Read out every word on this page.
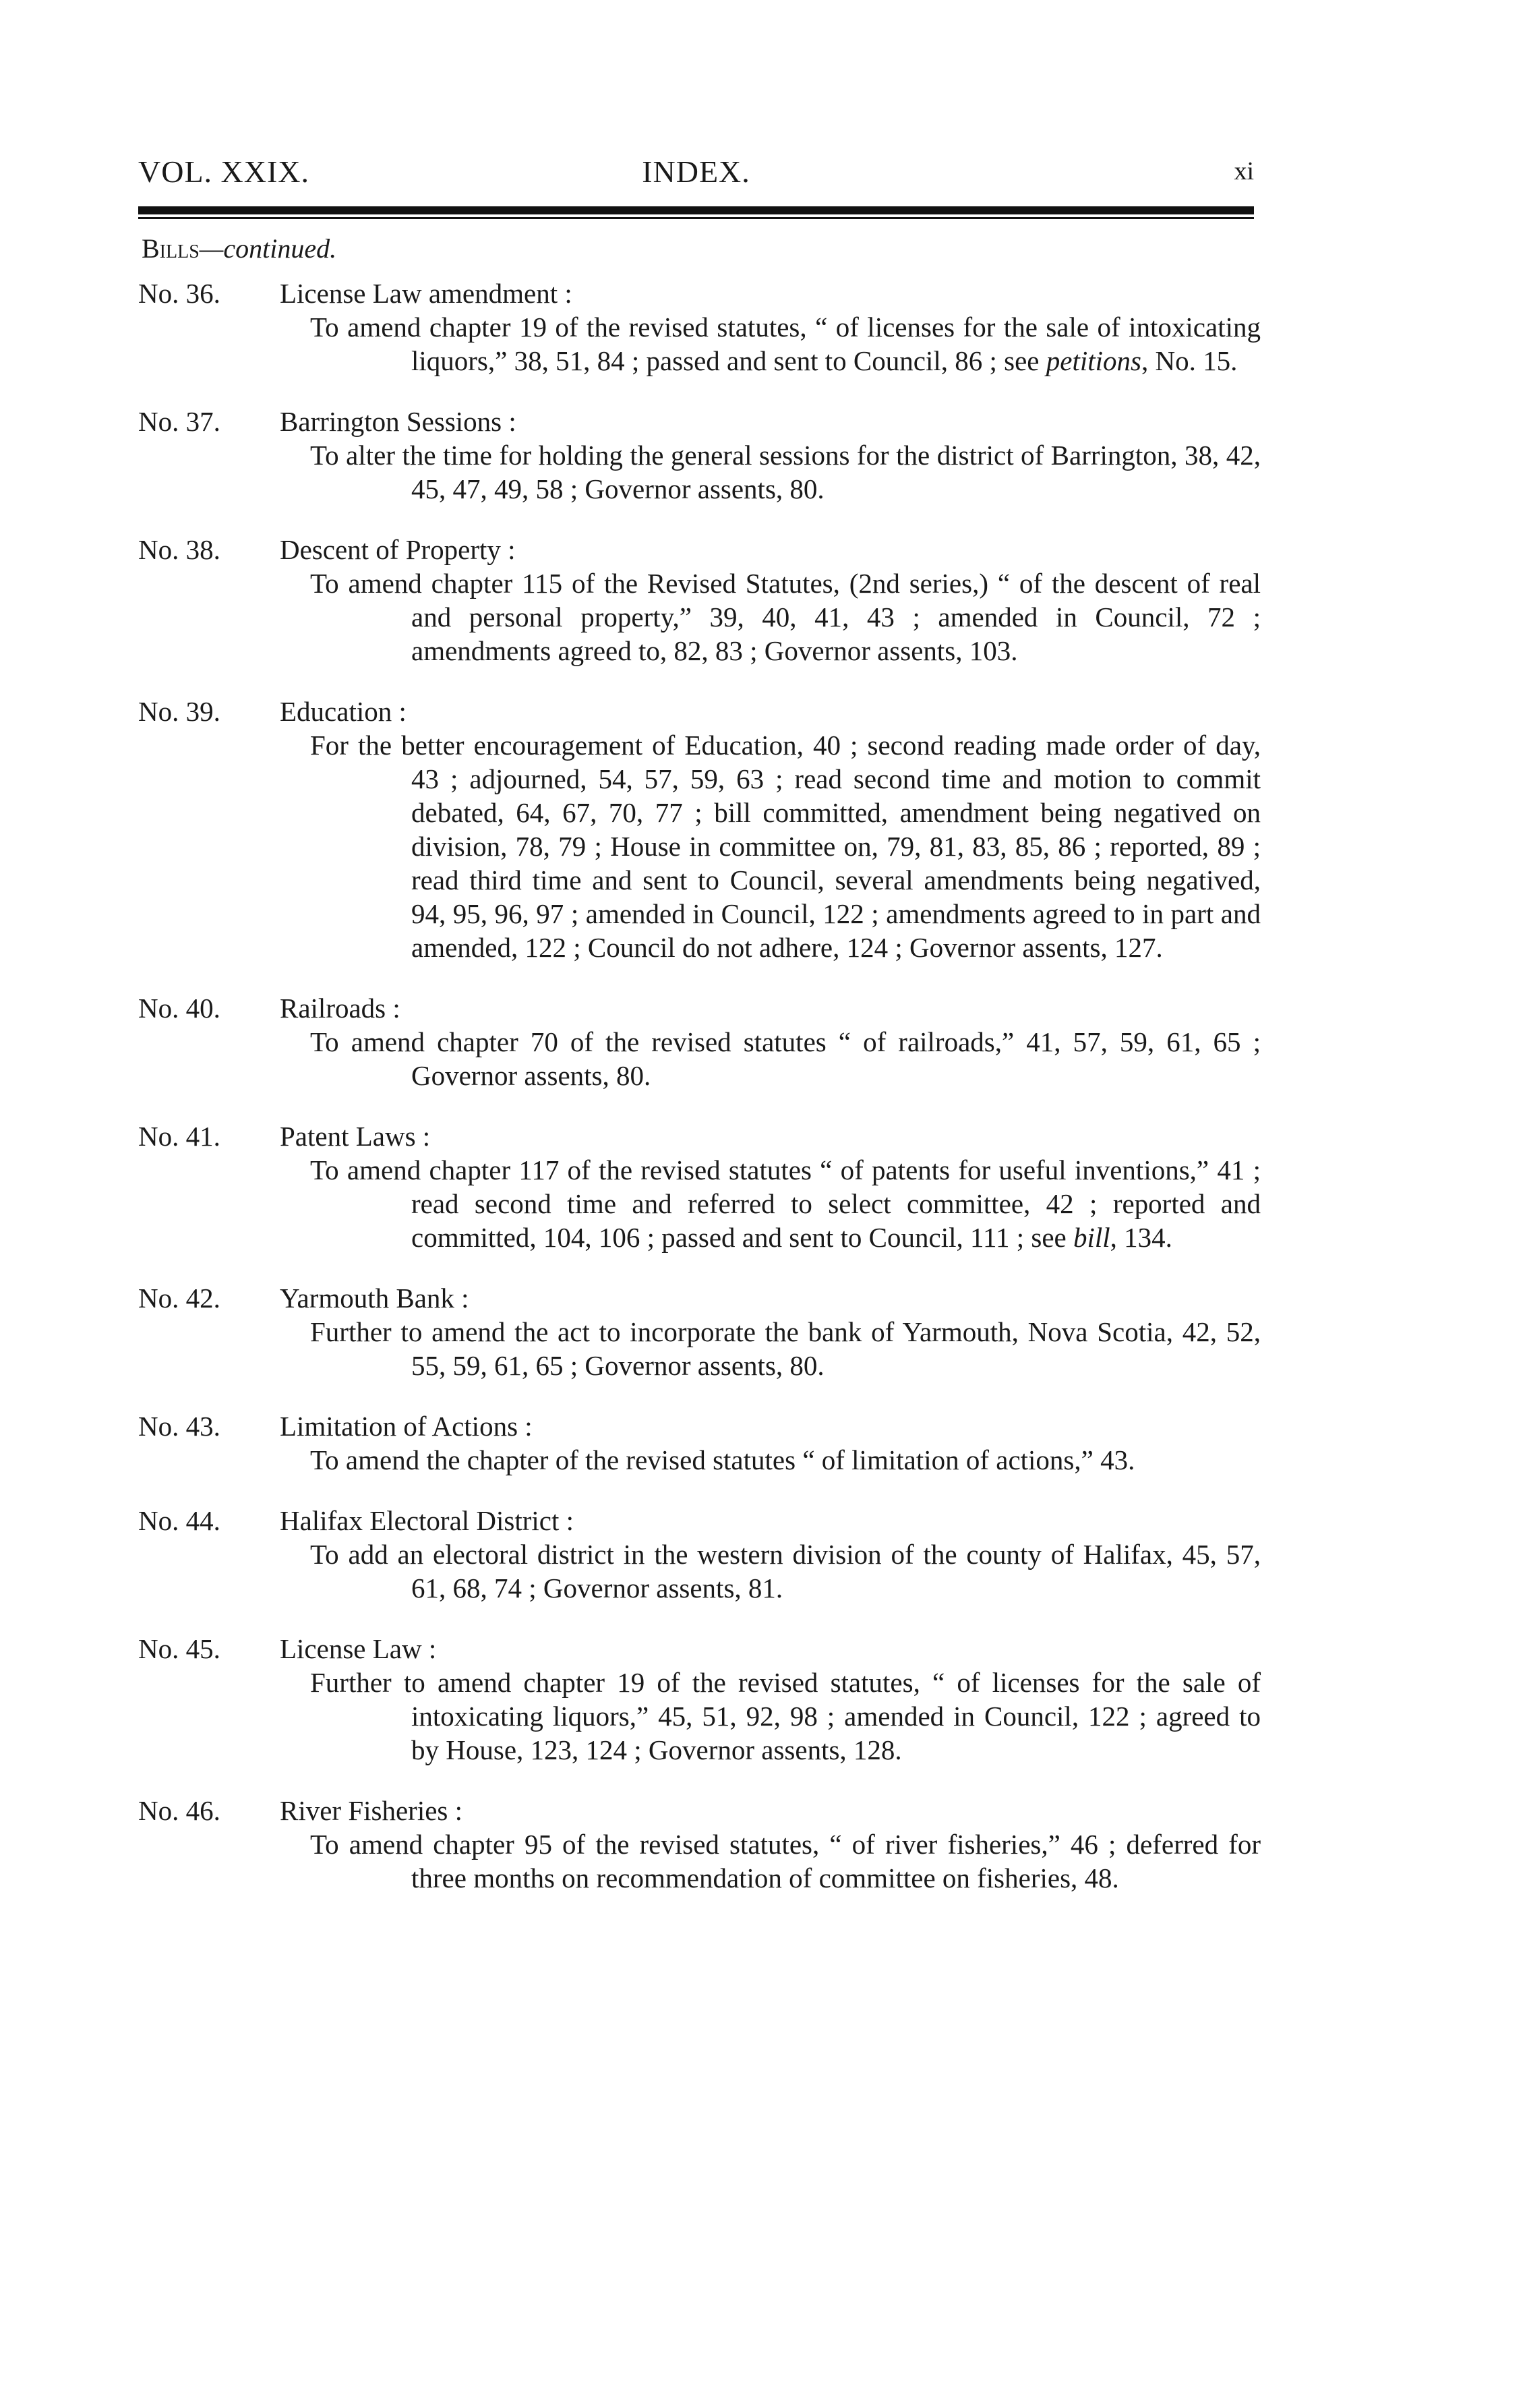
VOL. XXIX.	INDEX.	xi
Bills—continued.
No. 36.	License Law amendment :
To amend chapter 19 of the revised statutes, “ of licenses for the sale of intoxicating liquors,” 38, 51, 84 ; passed and sent to Council, 86 ; see petitions, No. 15.
No. 37.	Barrington Sessions :
To alter the time for holding the general sessions for the district of Barrington, 38, 42, 45, 47, 49, 58 ; Governor assents, 80.
No. 38.	Descent of Property :
To amend chapter 115 of the Revised Statutes, (2nd series,) “ of the descent of real and personal property,” 39, 40, 41, 43 ; amended in Council, 72 ; amendments agreed to, 82, 83 ; Governor assents, 103.
No. 39.	Education :
For the better encouragement of Education, 40 ; second reading made order of day, 43 ; adjourned, 54, 57, 59, 63 ; read second time and motion to commit debated, 64, 67, 70, 77 ; bill committed, amendment being negatived on division, 78, 79 ; House in committee on, 79, 81, 83, 85, 86 ; reported, 89 ; read third time and sent to Council, several amendments being negatived, 94, 95, 96, 97 ; amended in Council, 122 ; amendments agreed to in part and amended, 122 ; Council do not adhere, 124 ; Governor assents, 127.
No. 40.	Railroads :
To amend chapter 70 of the revised statutes “ of railroads,” 41, 57, 59, 61, 65 ; Governor assents, 80.
No. 41.	Patent Laws :
To amend chapter 117 of the revised statutes “ of patents for useful inventions,” 41 ; read second time and referred to select committee, 42 ; reported and committed, 104, 106 ; passed and sent to Council, 111 ; see bill, 134.
No. 42.	Yarmouth Bank :
Further to amend the act to incorporate the bank of Yarmouth, Nova Scotia, 42, 52, 55, 59, 61, 65 ; Governor assents, 80.
No. 43.	Limitation of Actions :
To amend the chapter of the revised statutes “ of limitation of actions,” 43.
No. 44.	Halifax Electoral District :
To add an electoral district in the western division of the county of Halifax, 45, 57, 61, 68, 74 ; Governor assents, 81.
No. 45.	License Law :
Further to amend chapter 19 of the revised statutes, “ of licenses for the sale of intoxicating liquors,” 45, 51, 92, 98 ; amended in Council, 122 ; agreed to by House, 123, 124 ; Governor assents, 128.
No. 46.	River Fisheries :
To amend chapter 95 of the revised statutes, “ of river fisheries,” 46 ; deferred for three months on recommendation of committee on fisheries, 48.
